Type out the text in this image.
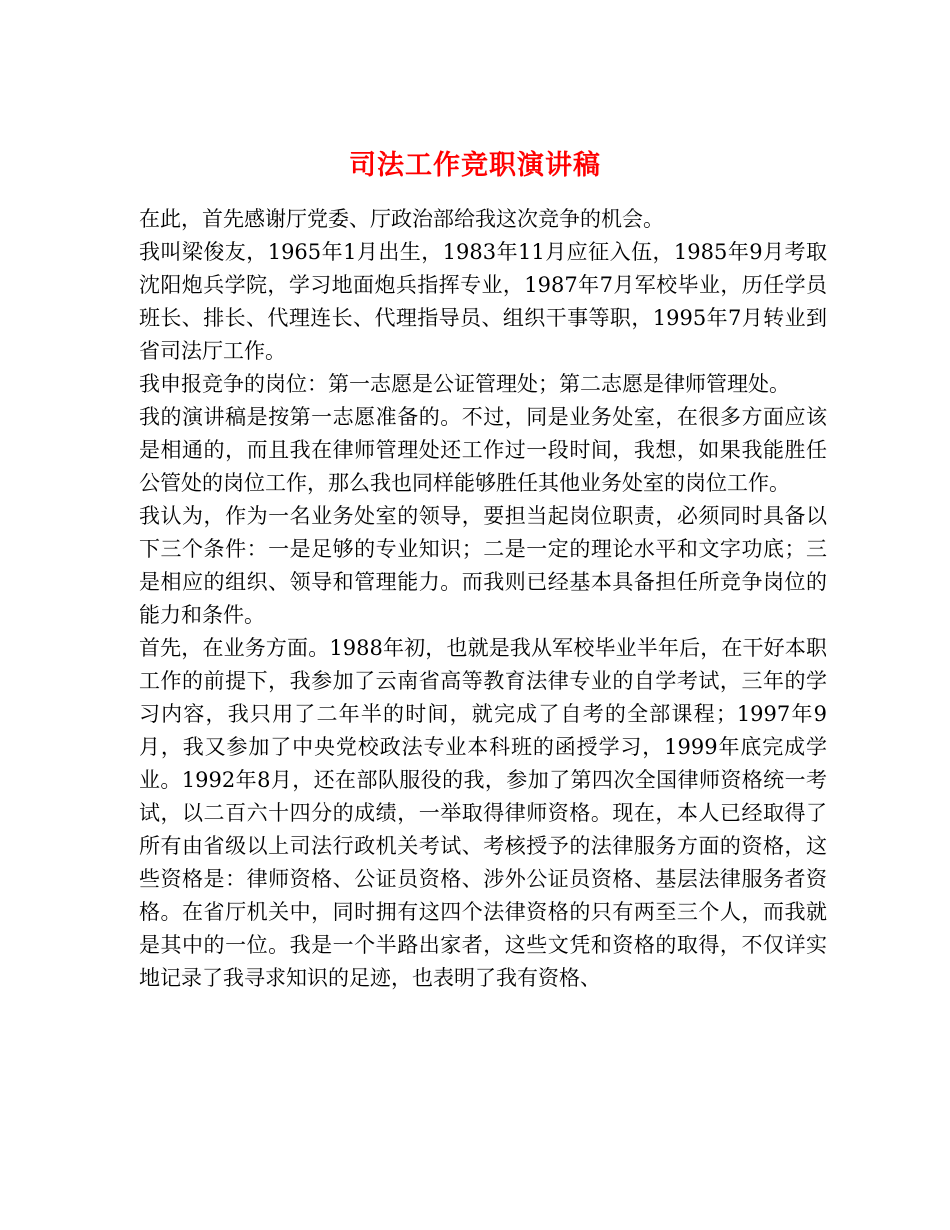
司法工作竞职演讲稿

在此，首先感谢厅党委、厅政治部给我这次竞争的机会。

我叫梁俊友，1965年1月出生，1983年11月应征入伍，1985年9月考取沈阳炮兵学院，学习地面炮兵指挥专业，1987年7月军校毕业，历任学员班长、排长、代理连长、代理指导员、组织干事等职，1995年7月转业到省司法厅工作。

我申报竞争的岗位：第一志愿是公证管理处；第二志愿是律师管理处。

我的演讲稿是按第一志愿准备的。不过，同是业务处室，在很多方面应该是相通的，而且我在律师管理处还工作过一段时间，我想，如果我能胜任公管处的岗位工作，那么我也同样能够胜任其他业务处室的岗位工作。

我认为，作为一名业务处室的领导，要担当起岗位职责，必须同时具备以下三个条件：一是足够的专业知识；二是一定的理论水平和文字功底；三是相应的组织、领导和管理能力。而我则已经基本具备担任所竞争岗位的能力和条件。

首先，在业务方面。1988年初，也就是我从军校毕业半年后，在干好本职工作的前提下，我参加了云南省高等教育法律专业的自学考试，三年的学习内容，我只用了二年半的时间，就完成了自考的全部课程；1997年9月，我又参加了中央党校政法专业本科班的函授学习，1999年底完成学业。1992年8月，还在部队服役的我，参加了第四次全国律师资格统一考试，以二百六十四分的成绩，一举取得律师资格。现在，本人已经取得了所有由省级以上司法行政机关考试、考核授予的法律服务方面的资格，这些资格是：律师资格、公证员资格、涉外公证员资格、基层法律服务者资格。在省厅机关中，同时拥有这四个法律资格的只有两至三个人，而我就是其中的一位。我是一个半路出家者，这些文凭和资格的取得，不仅详实地记录了我寻求知识的足迹，也表明了我有资格、
